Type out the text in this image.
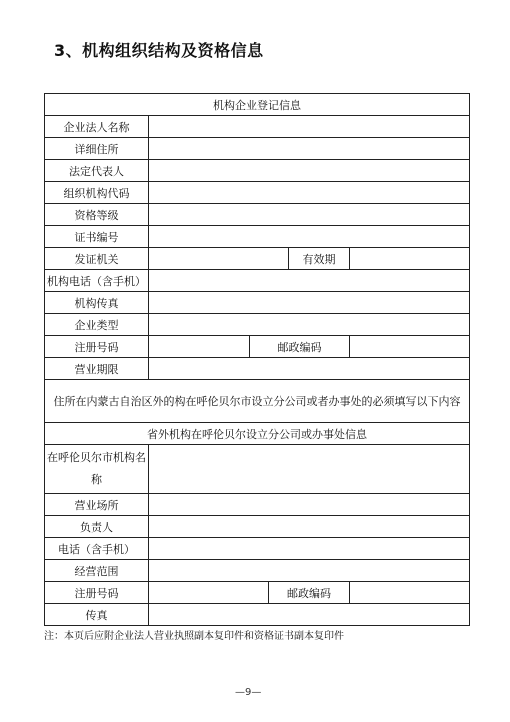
3、机构组织结构及资格信息
机构企业登记信息					
企业法人名称					
详细住所					
法定代表人					
组织机构代码					
资格等级					
证书编号					
发证机关				有效期	
机构电话（含手机）					
机构传真					
企业类型					
注册号码		邮政编码			
营业期限					
住所在内蒙古自治区外的构在呼伦贝尔市设立分公司或者办事处的必须填写以下内容					
省外机构在呼伦贝尔设立分公司或办事处信息					
在呼伦贝尔市机构名称					
营业场所					
负责人					
电话（含手机）					
经营范围					
注册号码			邮政编码		
传真					
注：本页后应附企业法人营业执照副本复印件和资格证书副本复印件
—9—
